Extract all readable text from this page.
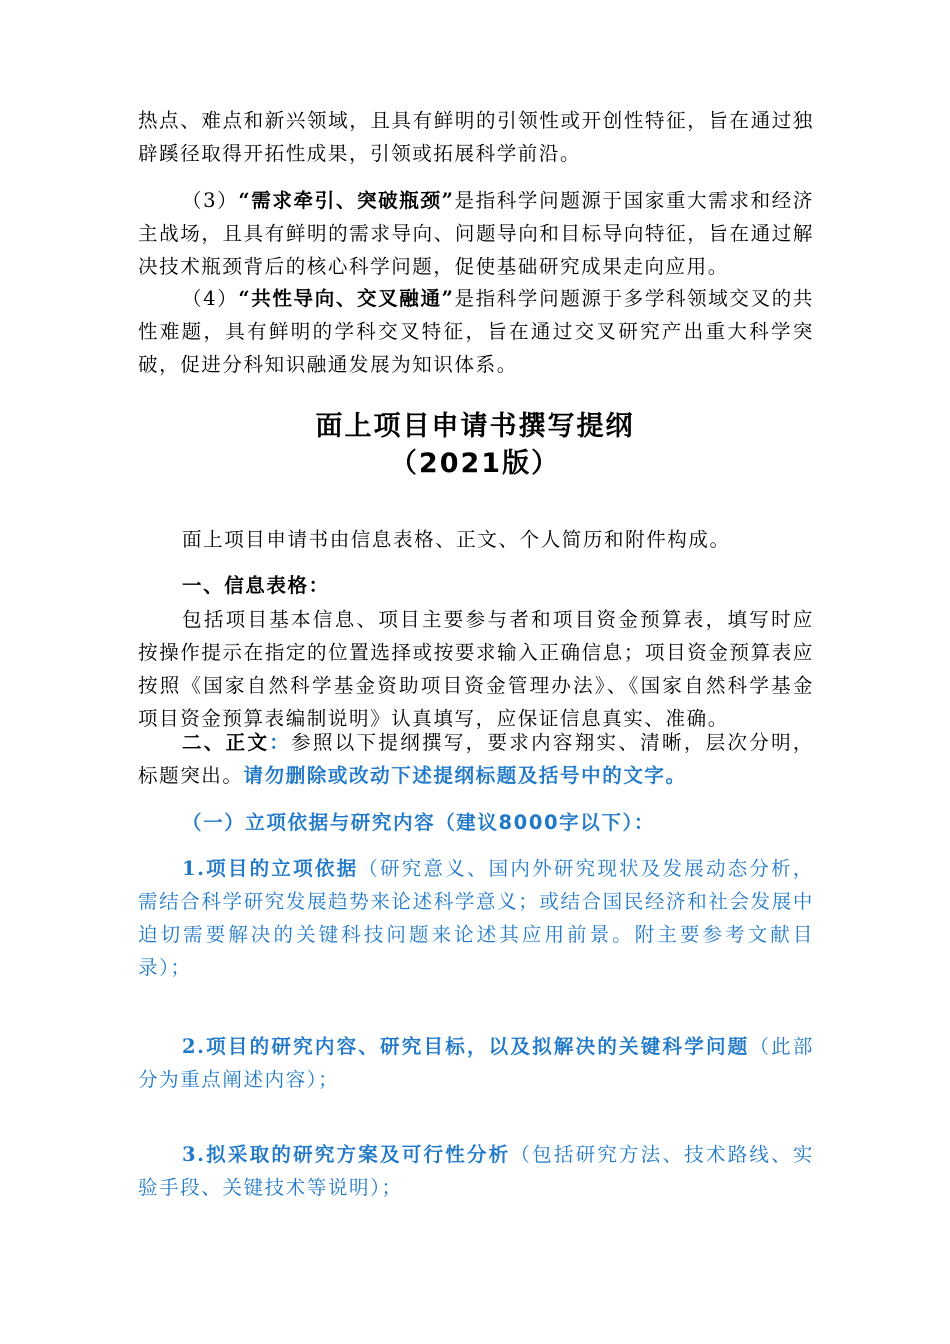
热点、难点和新兴领域，且具有鲜明的引领性或开创性特征，旨在通过独辟蹊径取得开拓性成果，引领或拓展科学前沿。

（3）“需求牵引、突破瓶颈”是指科学问题源于国家重大需求和经济主战场，且具有鲜明的需求导向、问题导向和目标导向特征，旨在通过解决技术瓶颈背后的核心科学问题，促使基础研究成果走向应用。

（4）“共性导向、交叉融通”是指科学问题源于多学科领域交叉的共性难题，具有鲜明的学科交叉特征，旨在通过交叉研究产出重大科学突破，促进分科知识融通发展为知识体系。

面上项目申请书撰写提纲
（2021版）

面上项目申请书由信息表格、正文、个人简历和附件构成。

一、信息表格：

包括项目基本信息、项目主要参与者和项目资金预算表，填写时应按操作提示在指定的位置选择或按要求输入正确信息；项目资金预算表应按照《国家自然科学基金资助项目资金管理办法》、《国家自然科学基金项目资金预算表编制说明》认真填写，应保证信息真实、准确。

二、正文：参照以下提纲撰写，要求内容翔实、清晰，层次分明，标题突出。请勿删除或改动下述提纲标题及括号中的文字。

（一）立项依据与研究内容（建议8000字以下）：

1.项目的立项依据（研究意义、国内外研究现状及发展动态分析，需结合科学研究发展趋势来论述科学意义；或结合国民经济和社会发展中迫切需要解决的关键科技问题来论述其应用前景。附主要参考文献目录）；

2.项目的研究内容、研究目标，以及拟解决的关键科学问题（此部分为重点阐述内容）；

3.拟采取的研究方案及可行性分析（包括研究方法、技术路线、实验手段、关键技术等说明）；
